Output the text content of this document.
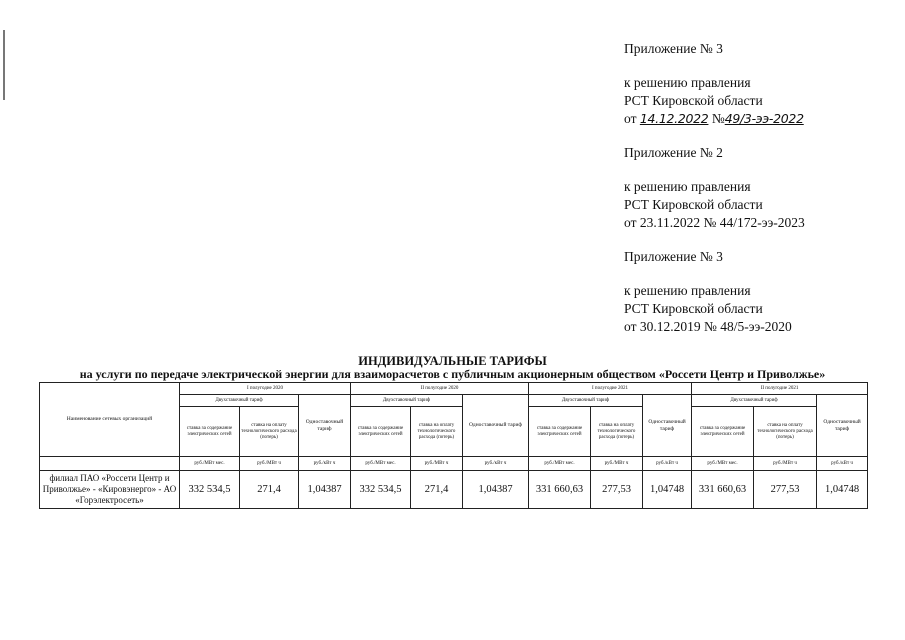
Приложение № 3

к решению правления

РСТ Кировской области

от 14.12.2022 №49/3-ээ-2022

Приложение № 2

к решению правления

РСТ Кировской области

от 23.11.2022 № 44/172-ээ-2023

Приложение № 3

к решению правления

РСТ Кировской области

от 30.12.2019 № 48/5-ээ-2020

ИНДИВИДУАЛЬНЫЕ ТАРИФЫ
на услуги по передаче электрической энергии для взаиморасчетов с публичным акционерным обществом «Россети Центр и Приволжье»
Наименование сетевых организаций	I полугодие 2020			II полугодие 2020			I полугодие 2021			II полугодие 2021		
	Двухставочный тариф		Одноставочный тариф	Двухставочный тариф		Одноставочный тариф	Двухставочный тариф		Одноставочный тариф	Двухставочный тариф		Одноставочный тариф
	ставка за содержание электрических сетей	ставка на оплату технологического расхода (потерь)		ставка за содержание электрических сетей	ставка на оплату технологического расхода (потерь)		ставка за содержание электрических сетей	ставка на оплату технологического расхода (потерь)		ставка за содержание электрических сетей	ставка на оплату технологического расхода (потерь)	
	руб./МВт мес.	руб./МВт ч	руб./кВт ч	руб./МВт мес.	руб./МВт ч	руб./кВт ч	руб./МВт мес.	руб./МВт ч	руб./кВт ч	руб./МВт мес.	руб./МВт ч	руб./кВт ч
филиал ПАО «Россети Центр и Приволжье» - «Кировэнерго» - АО «Горэлектросеть»	332 534,5	271,4	1,04387	332 534,5	271,4	1,04387	331 660,63	277,53	1,04748	331 660,63	277,53	1,04748
